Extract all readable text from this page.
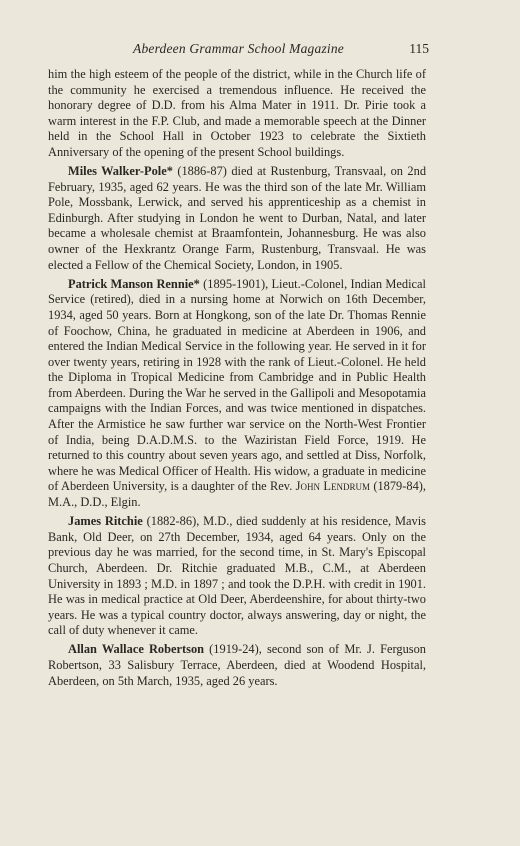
Aberdeen Grammar School Magazine	115

him the high esteem of the people of the district, while in the Church life of the community he exercised a tremendous influence. He received the honorary degree of D.D. from his Alma Mater in 1911. Dr. Pirie took a warm interest in the F.P. Club, and made a memorable speech at the Dinner held in the School Hall in October 1923 to celebrate the Sixtieth Anniversary of the opening of the present School buildings.

Miles Walker-Pole* (1886-87) died at Rustenburg, Transvaal, on 2nd February, 1935, aged 62 years. He was the third son of the late Mr. William Pole, Mossbank, Lerwick, and served his apprenticeship as a chemist in Edinburgh. After studying in London he went to Durban, Natal, and later became a wholesale chemist at Braamfontein, Johannesburg. He was also owner of the Hexkrantz Orange Farm, Rustenburg, Transvaal. He was elected a Fellow of the Chemical Society, London, in 1905.

Patrick Manson Rennie* (1895-1901), Lieut.-Colonel, Indian Medical Service (retired), died in a nursing home at Norwich on 16th December, 1934, aged 50 years. Born at Hongkong, son of the late Dr. Thomas Rennie of Foochow, China, he graduated in medicine at Aberdeen in 1906, and entered the Indian Medical Service in the following year. He served in it for over twenty years, retiring in 1928 with the rank of Lieut.-Colonel. He held the Diploma in Tropical Medicine from Cambridge and in Public Health from Aberdeen. During the War he served in the Gallipoli and Mesopotamia campaigns with the Indian Forces, and was twice mentioned in dispatches. After the Armistice he saw further war service on the North-West Frontier of India, being D.A.D.M.S. to the Waziristan Field Force, 1919. He returned to this country about seven years ago, and settled at Diss, Norfolk, where he was Medical Officer of Health. His widow, a graduate in medicine of Aberdeen University, is a daughter of the Rev. John Lendrum (1879-84), M.A., D.D., Elgin.

James Ritchie (1882-86), M.D., died suddenly at his residence, Mavis Bank, Old Deer, on 27th December, 1934, aged 64 years. Only on the previous day he was married, for the second time, in St. Mary's Episcopal Church, Aberdeen. Dr. Ritchie graduated M.B., C.M., at Aberdeen University in 1893 ; M.D. in 1897 ; and took the D.P.H. with credit in 1901. He was in medical practice at Old Deer, Aberdeenshire, for about thirty-two years. He was a typical country doctor, always answering, day or night, the call of duty whenever it came.

Allan Wallace Robertson (1919-24), second son of Mr. J. Ferguson Robertson, 33 Salisbury Terrace, Aberdeen, died at Woodend Hospital, Aberdeen, on 5th March, 1935, aged 26 years.
